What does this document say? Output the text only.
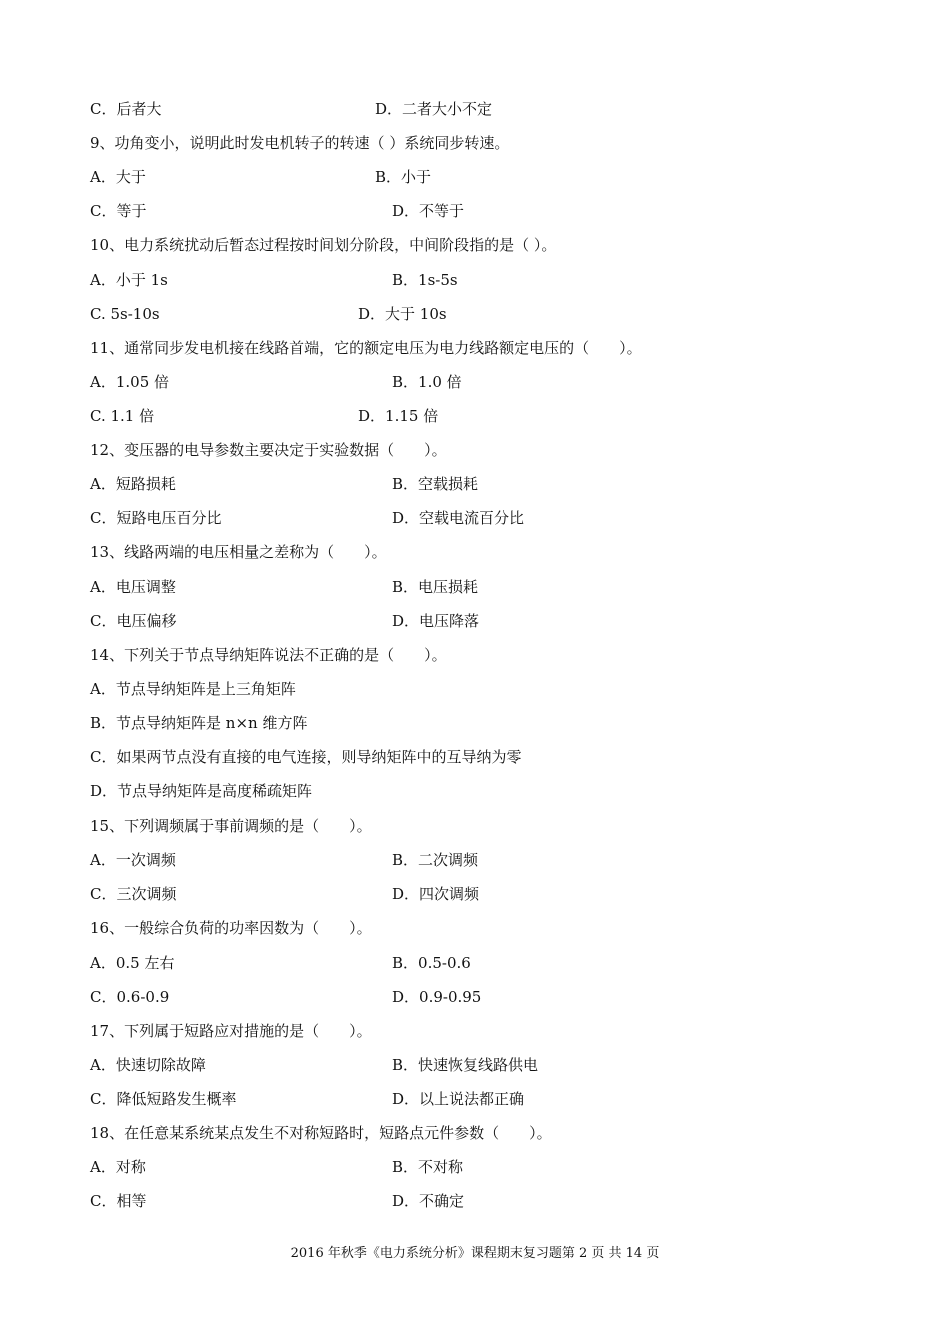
C．后者大	D．二者大小不定
9、功角变小，说明此时发电机转子的转速（ ）系统同步转速。
A．大于	B．小于
C．等于	D．不等于
10、电力系统扰动后暂态过程按时间划分阶段，中间阶段指的是（ ）。
A．小于 1s	B．1s-5s
C. 5s-10s	D．大于 10s
11、通常同步发电机接在线路首端，它的额定电压为电力线路额定电压的（　　）。
A．1.05 倍	B．1.0 倍
C. 1.1 倍	D．1.15 倍
12、变压器的电导参数主要决定于实验数据（　　）。
A．短路损耗	B．空载损耗
C．短路电压百分比	D．空载电流百分比
13、线路两端的电压相量之差称为（　　）。
A．电压调整	B．电压损耗
C．电压偏移	D．电压降落
14、下列关于节点导纳矩阵说法不正确的是（　　）。
A．节点导纳矩阵是上三角矩阵
B．节点导纳矩阵是 n×n 维方阵
C．如果两节点没有直接的电气连接，则导纳矩阵中的互导纳为零
D．节点导纳矩阵是高度稀疏矩阵
15、下列调频属于事前调频的是（　　）。
A．一次调频	B．二次调频
C．三次调频	D．四次调频
16、一般综合负荷的功率因数为（　　）。
A．0.5 左右	B．0.5-0.6
C．0.6-0.9	D．0.9-0.95
17、下列属于短路应对措施的是（　　）。
A．快速切除故障	B．快速恢复线路供电
C．降低短路发生概率	D．以上说法都正确
18、在任意某系统某点发生不对称短路时，短路点元件参数（　　）。
A．对称	B．不对称
C．相等	D．不确定
2016 年秋季《电力系统分析》课程期末复习题第 2 页 共 14 页
